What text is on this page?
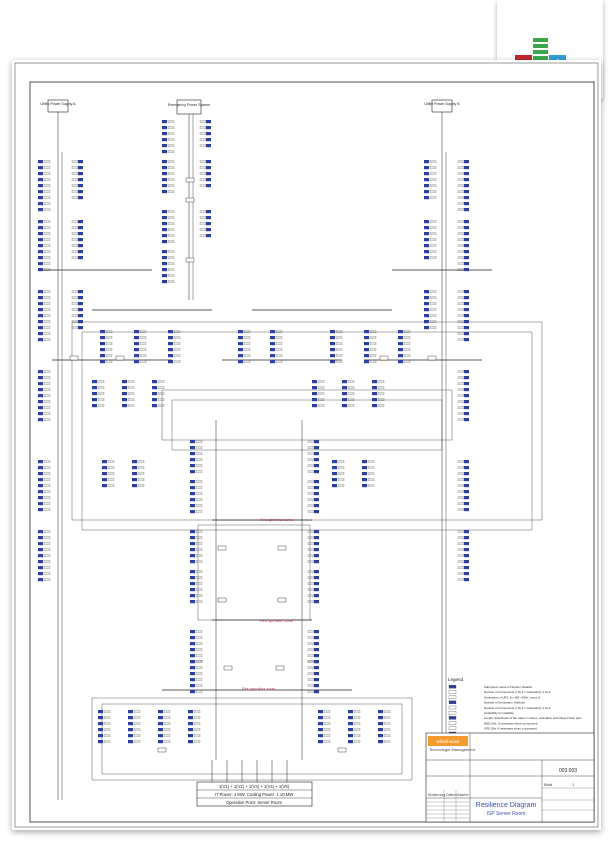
Utility Power Supply A	Emergency Power System	Utility Power Supply B
Fire sprinkler zone
Fire sprinkler zone
Fire sprinkler zone
1(V1) + 1(V2) + 1(V3) + 1(V4) + 1(V5)
IT Power: 1 MW, Cooling Power: 1.10 MW
Operation Point: Server Room
Legend
Subsystem name or Number Variable
Number of components, if N+1 = redundancy 1 N+X
Generation of UPS, fix, 400 / 690V, minus X
Number of Generation: Attribute
Number of components, if N+1 = redundancy 1 N+X
Availability for reliability
Length: Attachment of the value in meters, estimation according to floor plan
MSD (Dis. If necessary shunt component)
UPS (Dis. If necessary shunt component)
whitehouse
Technologie Management
Änderung Datum Name
Resilience Diagram
ISP Server Room
003.003
Blatt	1
